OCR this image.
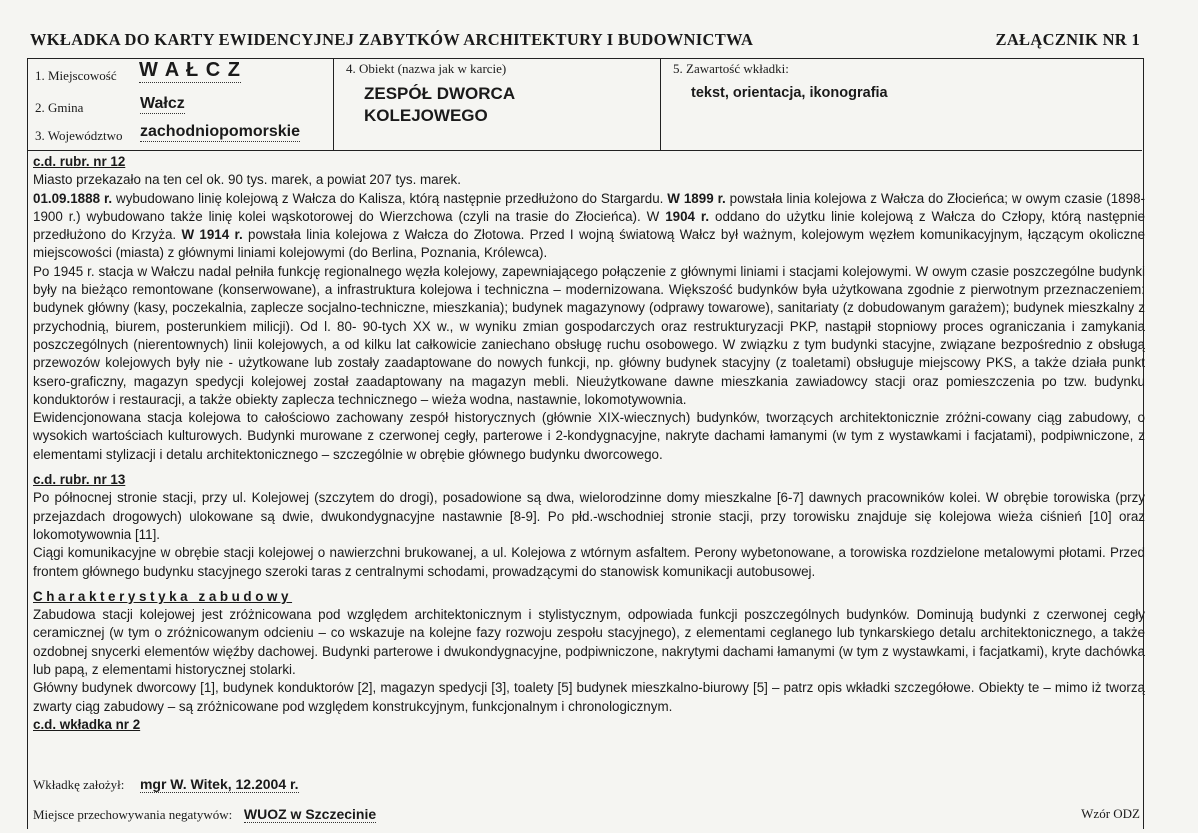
WKŁADKA DO KARTY EWIDENCYJNEJ ZABYTKÓW ARCHITEKTURY I BUDOWNICTWA	ZAŁĄCZNIK NR 1
1. Miejscowość W A Ł C Z
2. Gmina	Wałcz
3. Województwo zachodniopomorskie
4. Obiekt (nazwa jak w karcie)
ZESPÓŁ DWORCA
KOLEJOWEGO
5. Zawartość wkładki:
tekst, orientacja, ikonografia
c.d. rubr. nr 12

Miasto przekazało na ten cel ok. 90 tys. marek, a powiat 207 tys. marek.

01.09.1888 r. wybudowano linię kolejową z Wałcza do Kalisza, którą następnie przedłużono do Stargardu. W 1899 r. powstała linia kolejowa z Wałcza do Złocieńca; w owym czasie (1898-1900 r.) wybudowano także linię kolei wąskotorowej do Wierzchowa (czyli na trasie do Złocieńca). W 1904 r. oddano do użytku linie kolejową z Wałcza do Człopy, którą następnie przedłużono do Krzyża. W 1914 r. powstała linia kolejowa z Wałcza do Złotowa. Przed I wojną światową Wałcz był ważnym, kolejowym węzłem komunikacyjnym, łączącym okoliczne miejscowości (miasta) z głównymi liniami kolejowymi (do Berlina, Poznania, Królewca).

Po 1945 r. stacja w Wałczu nadal pełniła funkcję regionalnego węzła kolejowy, zapewniającego połączenie z głównymi liniami i stacjami kolejowymi. W owym czasie poszczególne budynki były na bieżąco remontowane (konserwowane), a infrastruktura kolejowa i techniczna – modernizowana. Większość budynków była użytkowana zgodnie z pierwotnym przeznaczeniem: budynek główny (kasy, poczekalnia, zaplecze socjalno-techniczne, mieszkania); budynek magazynowy (odprawy towarowe), sanitariaty (z dobudowanym garażem); budynek mieszkalny z przychodnią, biurem, posterunkiem milicji). Od l. 80- 90-tych XX w., w wyniku zmian gospodarczych oraz restrukturyzacji PKP, nastąpił stopniowy proces ograniczania i zamykania poszczególnych (nierentownych) linii kolejowych, a od kilku lat całkowicie zaniechano obsługę ruchu osobowego. W związku z tym budynki stacyjne, związane bezpośrednio z obsługą przewozów kolejowych były nie - użytkowane lub zostały zaadaptowane do nowych funkcji, np. główny budynek stacyjny (z toaletami) obsługuje miejscowy PKS, a także działa punkt ksero-graficzny, magazyn spedycji kolejowej został zaadaptowany na magazyn mebli. Nieużytkowane dawne mieszkania zawiadowcy stacji oraz pomieszczenia po tzw. budynku konduktorów i restauracji, a także obiekty zaplecza technicznego – wieża wodna, nastawnie, lokomotywownia.

Ewidencjonowana stacja kolejowa to całościowo zachowany zespół historycznych (głównie XIX-wiecznych) budynków, tworzących architektonicznie zróżni-cowany ciąg zabudowy, o wysokich wartościach kulturowych. Budynki murowane z czerwonej cegły, parterowe i 2-kondygnacyjne, nakryte dachami łamanymi (w tym z wystawkami i facjatami), podpiwniczone, z elementami stylizacji i detalu architektonicznego – szczególnie w obrębie głównego budynku dworcowego.

c.d. rubr. nr 13

Po północnej stronie stacji, przy ul. Kolejowej (szczytem do drogi), posadowione są dwa, wielorodzinne domy mieszkalne [6-7] dawnych pracowników kolei. W obrębie torowiska (przy przejazdach drogowych) ulokowane są dwie, dwukondygnacyjne nastawnie [8-9]. Po płd.-wschodniej stronie stacji, przy torowisku znajduje się kolejowa wieża ciśnień [10] oraz lokomotywownia [11].

Ciągi komunikacyjne w obrębie stacji kolejowej o nawierzchni brukowanej, a ul. Kolejowa z wtórnym asfaltem. Perony wybetonowane, a torowiska rozdzielone metalowymi płotami. Przed frontem głównego budynku stacyjnego szeroki taras z centralnymi schodami, prowadzącymi do stanowisk komunikacji autobusowej.

Charakterystyka zabudowy

Zabudowa stacji kolejowej jest zróżnicowana pod względem architektonicznym i stylistycznym, odpowiada funkcji poszczególnych budynków. Dominują budynki z czerwonej cegły ceramicznej (w tym o zróżnicowanym odcieniu – co wskazuje na kolejne fazy rozwoju zespołu stacyjnego), z elementami ceglanego lub tynkarskiego detalu architektonicznego, a także ozdobnej snycerki elementów więźby dachowej. Budynki parterowe i dwukondygnacyjne, podpiwniczone, nakrytymi dachami łamanymi (w tym z wystawkami, i facjatkami), kryte dachówka lub papą, z elementami historycznej stolarki.

Główny budynek dworcowy [1], budynek konduktorów [2], magazyn spedycji [3], toalety [5] budynek mieszkalno-biurowy [5] – patrz opis wkładki szczegółowe. Obiekty te – mimo iż tworzą zwarty ciąg zabudowy – są zróżnicowane pod względem konstrukcyjnym, funkcjonalnym i chronologicznym.

c.d. wkładka nr 2
Wkładkę założył: mgr W. Witek, 12.2004 r.
Miejsce przechowywania negatywów: WUOZ w Szczecinie	Wzór ODZ
